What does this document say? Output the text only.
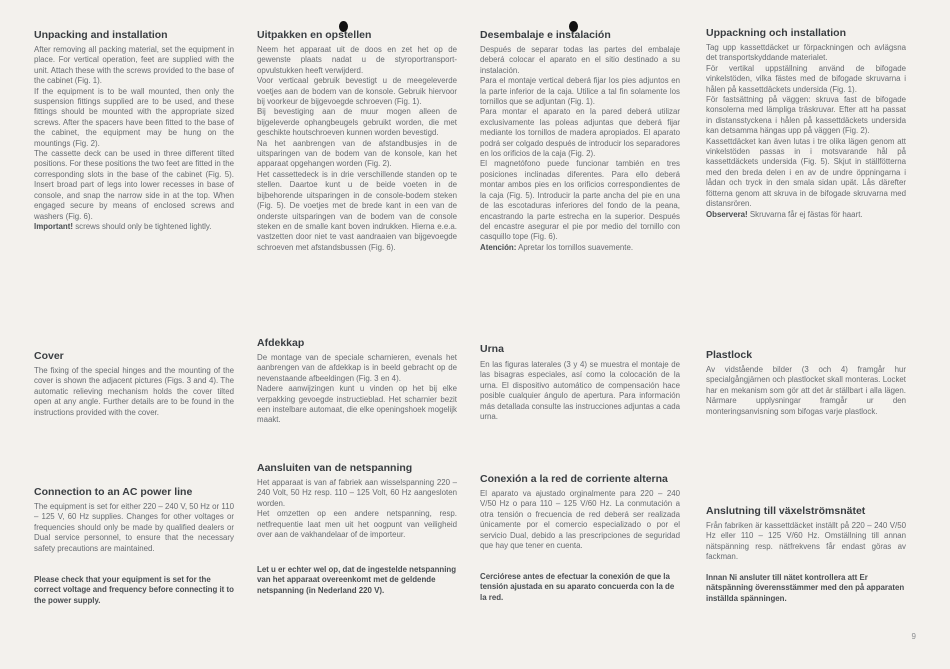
Unpacking and installation

After removing all packing material, set the equipment in place. For vertical operation, feet are supplied with the unit. Attach these with the screws provided to the base of the cabinet (Fig. 1).

If the equipment is to be wall mounted, then only the suspension fittings supplied are to be used, and these fittings should be mounted with the appropriate sized screws. After the spacers have been fitted to the base of the cabinet, the equipment may be hung on the mountings (Fig. 2).

The cassette deck can be used in three different tilted positions. For these positions the two feet are fitted in the corresponding slots in the base of the cabinet (Fig. 5). Insert broad part of legs into lower recesses in base of console, and snap the narrow side in at the top. When engaged secure by means of enclosed screws and washers (Fig. 6).

Important! screws should only be tightened lightly.

Cover

The fixing of the special hinges and the mounting of the cover is shown the adjacent pictures (Figs. 3 and 4). The automatic relieving mechanism holds the cover tilted open at any angle. Further details are to be found in the instructions provided with the cover.

Connection to an AC power line

The equipment is set for either 220 – 240 V, 50 Hz or 110 – 125 V, 60 Hz supplies. Changes for other voltages or frequencies should only be made by qualified dealers or Dual service personnel, to ensure that the necessary safety precautions are maintained.

Please check that your equipment is set for the correct voltage and frequency before connecting it to the power supply.
Uitpakken en opstellen

Neem het apparaat uit de doos en zet het op de gewenste plaats nadat u de styroportransport-opvulstukken heeft verwijderd.

Voor verticaal gebruik bevestigt u de meegeleverde voetjes aan de bodem van de konsole. Gebruik hiervoor bij voorkeur de bijgevoegde schroeven (Fig. 1).

Bij bevestiging aan de muur mogen alleen de bijgeleverde ophangbeugels gebruikt worden, die met geschikte houtschroeven kunnen worden bevestigd.

Na het aanbrengen van de afstandbusjes in de uitsparingen van de bodem van de konsole, kan het apparaat opgehangen worden (Fig. 2).

Het cassettedeck is in drie verschillende standen op te stellen. Daartoe kunt u de beide voeten in de bijbehorende uitsparingen in de console-bodem steken (Fig. 5). De voetjes met de brede kant in een van de onderste uitsparingen van de bodem van de console steken en de smalle kant boven indrukken. Hierna e.e.a. vastzetten door niet te vast aandraaien van bijgevoegde schroeven met afstandsbussen (Fig. 6).

Afdekkap

De montage van de speciale scharnieren, evenals het aanbrengen van de afdekkap is in beeld gebracht op de nevenstaande afbeeldingen (Fig. 3 en 4).

Nadere aanwijzingen kunt u vinden op het bij elke verpakking gevoegde instructieblad. Het scharnier bezit een instelbare automaat, die elke openingshoek mogelijk maakt.

Aansluiten van de netspanning

Het apparaat is van af fabriek aan wisselspanning 220 – 240 Volt, 50 Hz resp. 110 – 125 Volt, 60 Hz aangesloten worden.

Het omzetten op een andere netspanning, resp. netfrequentie laat men uit het oogpunt van veiligheid over aan de vakhandelaar of de importeur.

Let u er echter wel op, dat de ingestelde netspanning van het apparaat overeenkomt met de geldende netspanning (in Nederland 220 V).
Desembalaje e instalación

Después de separar todas las partes del embalaje deberá colocar el aparato en el sitio destinado a su instalación.

Para el montaje vertical deberá fijar los pies adjuntos en la parte inferior de la caja. Utilice a tal fin solamente los tornillos que se adjuntan (Fig. 1).

Para montar el aparato en la pared deberá utilizar exclusivamente las poleas adjuntas que deberá fijar mediante los tornillos de madera apropiados. El aparato podrá ser colgado después de introducir los separadores en los orificios de la caja (Fig. 2).

El magnetófono puede funcionar también en tres posiciones inclinadas diferentes. Para ello deberá montar ambos pies en los orificios correspondientes de la caja (Fig. 5). Introducir la parte ancha del pie en una de las escotaduras inferiores del fondo de la peana, encastrando la parte estrecha en la superior. Después del encastre asegurar el pie por medio del tornillo con casquillo tope (Fig. 6).

Atención: Apretar los tornillos suavemente.

Urna

En las figuras laterales (3 y 4) se muestra el montaje de las bisagras especiales, así como la colocación de la urna. El dispositivo automático de compensación hace posible cualquier ángulo de apertura. Para información más detallada consulte las instrucciones adjuntas a cada urna.

Conexión a la red de corriente alterna

El aparato va ajustado orginalmente para 220 – 240 V/50 Hz o para 110 – 125 V/60 Hz. La conmutación a otra tensión o frecuencia de red deberá ser realizada únicamente por el comercio especializado o por el servicio Dual, debido a las prescripciones de seguridad que hay que tener en cuenta.

Cerciórese antes de efectuar la conexión de que la tensión ajustada en su aparato concuerda con la de la red.
Uppackning och installation

Tag upp kassettdäcket ur förpackningen och avlägsna det transportskyddande materialet.

För vertikal uppställning använd de bifogade vinkelstöden, vilka fästes med de bifogade skruvarna i hålen på kassettdäckets undersida (Fig. 1).

För fastsättning på väggen: skruva fast de bifogade konsolerna med lämpliga träskruvar. Efter att ha passat in distansstyckena i hålen på kassettdäckets undersida kan detsamma hängas upp på väggen (Fig. 2).

Kassettdäcket kan även lutas i tre olika lägen genom att vinkelstöden passas in i motsvarande hål på kassettdäckets undersida (Fig. 5). Skjut in ställfötterna med den breda delen i en av de undre öppningarna i lådan och tryck in den smala sidan upät. Lås därefter fötterna genom att skruva in de bifogade skruvarna med distansrören.

Observera! Skruvarna får ej fästas för haart.

Plastlock

Av vidstående bilder (3 och 4) framgår hur specialgångjärnen och plastlocket skall monteras. Locket har en mekanism som gör att det är ställbart i alla lägen. Närmare upplysningar framgår ur den monteringsanvisning som bifogas varje plastlock.

Anslutning till växelströmsnätet

Från fabriken är kassettdäcket inställt på 220 – 240 V/50 Hz eller 110 – 125 V/60 Hz. Omställning till annan nätspänning resp. nätfrekvens får endast göras av fackman.

Innan Ni ansluter till nätet kontrollera att Er nätspänning överensstämmer med den på apparaten inställda spänningen.
9
